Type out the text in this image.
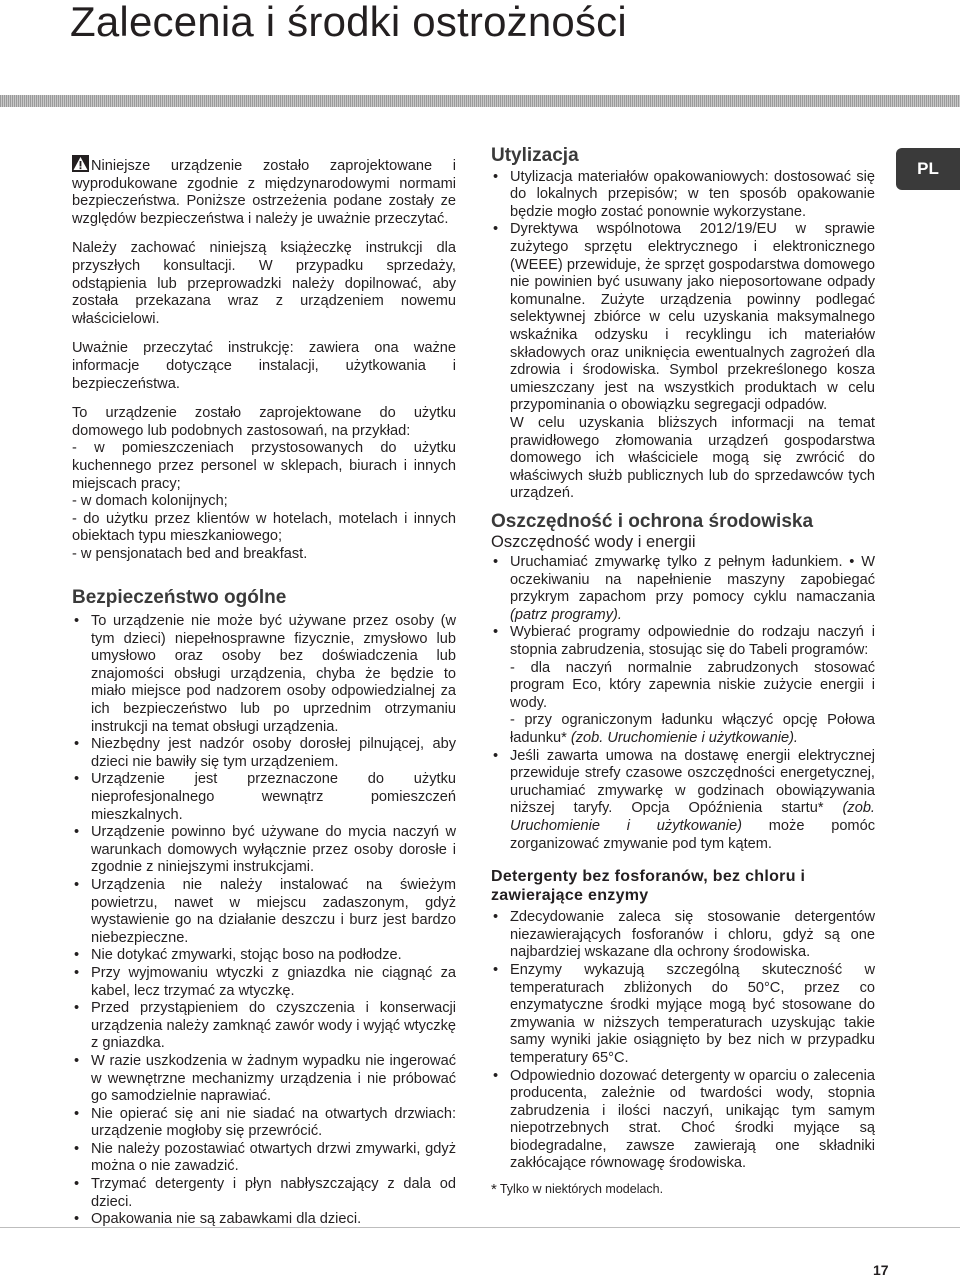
Zalecenia i środki ostrożności
PL

Niniejsze urządzenie zostało zaprojektowane i wyprodukowane zgodnie z międzynarodowymi normami bezpieczeństwa. Poniższe ostrzeżenia podane zostały ze względów bezpieczeństwa i należy je uważnie przeczytać.

Należy zachować niniejszą książeczkę instrukcji dla przyszłych konsultacji. W przypadku sprzedaży, odstąpienia lub przeprowadzki należy dopilnować, aby została przekazana wraz z urządzeniem nowemu właścicielowi.

Uważnie przeczytać instrukcję: zawiera ona ważne informacje dotyczące instalacji, użytkowania i bezpieczeństwa.

To urządzenie zostało zaprojektowane do użytku domowego lub podobnych zastosowań, na przykład:

- w pomieszczeniach przystosowanych do użytku kuchennego przez personel w sklepach, biurach i innych miejscach pracy;

- w domach kolonijnych;

- do użytku przez klientów w hotelach, motelach i innych obiektach typu mieszkaniowego;

- w pensjonatach bed and breakfast.

Bezpieczeństwo ogólne
• To urządzenie nie może być używane przez osoby (w tym dzieci) niepełnosprawne fizycznie, zmysłowo lub umysłowo oraz osoby bez doświadczenia lub znajomości obsługi urządzenia, chyba że będzie to miało miejsce pod nadzorem osoby odpowiedzialnej za ich bezpieczeństwo lub po uprzednim otrzymaniu instrukcji na temat obsługi urządzenia.
• Niezbędny jest nadzór osoby dorosłej pilnującej, aby dzieci nie bawiły się tym urządzeniem.
• Urządzenie jest przeznaczone do użytku nieprofesjonalnego wewnątrz pomieszczeń mieszkalnych.
• Urządzenie powinno być używane do mycia naczyń w warunkach domowych wyłącznie przez osoby dorosłe i zgodnie z niniejszymi instrukcjami.
• Urządzenia nie należy instalować na świeżym powietrzu, nawet w miejscu zadaszonym, gdyż wystawienie go na działanie deszczu i burz jest bardzo niebezpieczne.
• Nie dotykać zmywarki, stojąc boso na podłodze.
• Przy wyjmowaniu wtyczki z gniazdka nie ciągnąć za kabel, lecz trzymać za wtyczkę.
• Przed przystąpieniem do czyszczenia i konserwacji urządzenia należy zamknąć zawór wody i wyjąć wtyczkę z gniazdka.
• W razie uszkodzenia w żadnym wypadku nie ingerować w wewnętrzne mechanizmy urządzenia i nie próbować go samodzielnie naprawiać.
• Nie opierać się ani nie siadać na otwartych drzwiach: urządzenie mogłoby się przewrócić.
• Nie należy pozostawiać otwartych drzwi zmywarki, gdyż można o nie zawadzić.
• Trzymać detergenty i płyn nabłyszczający z dala od dzieci.
• Opakowania nie są zabawkami dla dzieci.
Utylizacja
• Utylizacja materiałów opakowaniowych: dostosować się do lokalnych przepisów; w ten sposób opakowanie będzie mogło zostać ponownie wykorzystane.
• Dyrektywa wspólnotowa 2012/19/EU w sprawie zużytego sprzętu elektrycznego i elektronicznego (WEEE) przewiduje, że sprzęt gospodarstwa domowego nie powinien być usuwany jako nieposortowane odpady komunalne. Zużyte urządzenia powinny podlegać selektywnej zbiórce w celu uzyskania maksymalnego wskaźnika odzysku i recyklingu ich materiałów składowych oraz uniknięcia ewentualnych zagrożeń dla zdrowia i środowiska. Symbol przekreślonego kosza umieszczany jest na wszystkich produktach w celu przypominania o obowiązku segregacji odpadów.

W celu uzyskania bliższych informacji na temat prawidłowego złomowania urządzeń gospodarstwa domowego ich właściciele mogą się zwrócić do właściwych służb publicznych lub do sprzedawców tych urządzeń.

Oszczędność i ochrona środowiska
Oszczędność wody i energii
• Uruchamiać zmywarkę tylko z pełnym ładunkiem. • W oczekiwaniu na napełnienie maszyny zapobiegać przykrym zapachom przy pomocy cyklu namaczania (patrz programy).
• Wybierać programy odpowiednie do rodzaju naczyń i stopnia zabrudzenia, stosując się do Tabeli programów:
- dla naczyń normalnie zabrudzonych stosować program Eco, który zapewnia niskie zużycie energii i wody.
- przy ograniczonym ładunku włączyć opcję Połowa ładunku* (zob. Uruchomienie i użytkowanie).
• Jeśli zawarta umowa na dostawę energii elektrycznej przewiduje strefy czasowe oszczędności energetycznej, uruchamiać zmywarkę w godzinach obowiązywania niższej taryfy. Opcja Opóźnienia startu* (zob. Uruchomienie i użytkowanie) może pomóc zorganizować zmywanie pod tym kątem.
Detergenty bez fosforanów, bez chloru i zawierające enzymy
• Zdecydowanie zaleca się stosowanie detergentów niezawierających fosforanów i chloru, gdyż są one najbardziej wskazane dla ochrony środowiska.
• Enzymy wykazują szczególną skuteczność w temperaturach zbliżonych do 50°C, przez co enzymatyczne środki myjące mogą być stosowane do zmywania w niższych temperaturach uzyskując takie samy wyniki jakie osiągnięto by bez nich w przypadku temperatury 65°C.
• Odpowiednio dozować detergenty w oparciu o zalecenia producenta, zależnie od twardości wody, stopnia zabrudzenia i ilości naczyń, unikając tym samym niepotrzebnych strat. Choć środki myjące są biodegradalne, zawsze zawierają one składniki zakłócające równowagę środowiska.
* Tylko w niektórych modelach.
17
